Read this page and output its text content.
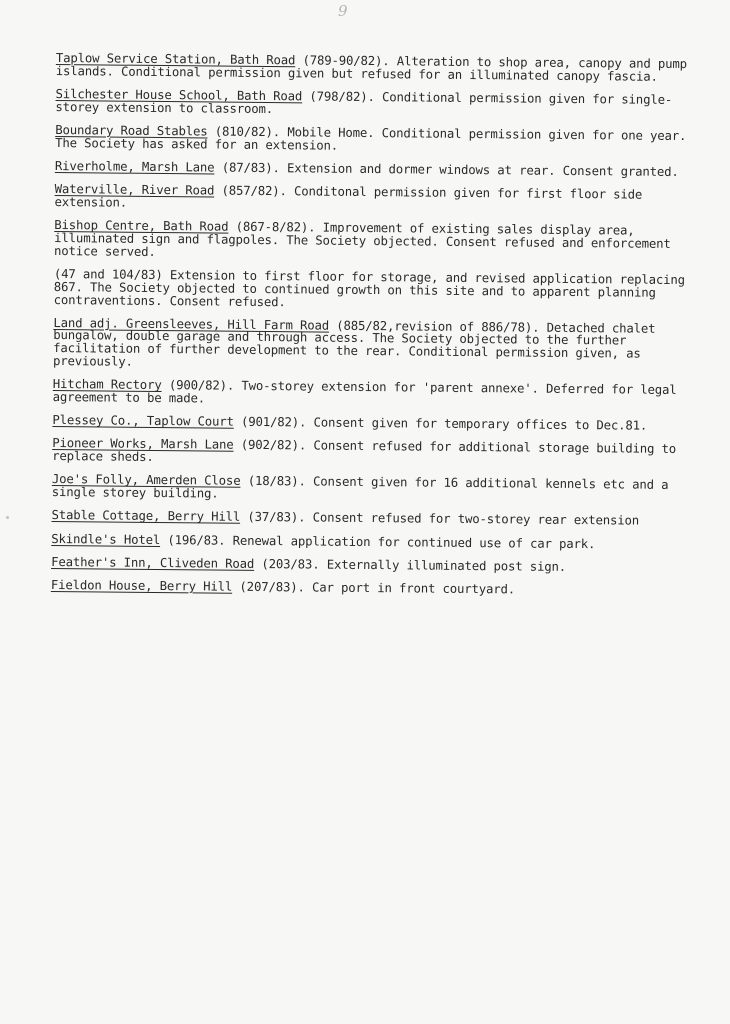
9
Taplow Service Station, Bath Road (789-90/82). Alteration to shop area, canopy and pump islands. Conditional permission given but refused for an illuminated canopy fascia.
Silchester House School, Bath Road (798/82). Conditional permission given for single-storey extension to classroom.
Boundary Road Stables (810/82). Mobile Home. Conditional permission given for one year. The Society has asked for an extension.
Riverholme, Marsh Lane (87/83). Extension and dormer windows at rear. Consent granted.
Waterville, River Road (857/82). Conditonal permission given for first floor side extension.
Bishop Centre, Bath Road (867-8/82). Improvement of existing sales display area, illuminated sign and flagpoles. The Society objected. Consent refused and enforcement notice served.
(47 and 104/83) Extension to first floor for storage, and revised application replacing 867. The Society objected to continued growth on this site and to apparent planning contraventions. Consent refused.
Land adj. Greensleeves, Hill Farm Road (885/82,revision of 886/78). Detached chalet bungalow, double garage and through access. The Society objected to the further facilitation of further development to the rear. Conditional permission given, as previously.
Hitcham Rectory (900/82). Two-storey extension for 'parent annexe'. Deferred for legal agreement to be made.
Plessey Co., Taplow Court (901/82). Consent given for temporary offices to Dec.81.
Pioneer Works, Marsh Lane (902/82). Consent refused for additional storage building to replace sheds.
Joe's Folly, Amerden Close (18/83). Consent given for 16 additional kennels etc and a single storey building.
Stable Cottage, Berry Hill (37/83). Consent refused for two-storey rear extension
Skindle's Hotel (196/83. Renewal application for continued use of car park.
Feather's Inn, Cliveden Road (203/83. Externally illuminated post sign.
Fieldon House, Berry Hill (207/83). Car port in front courtyard.
